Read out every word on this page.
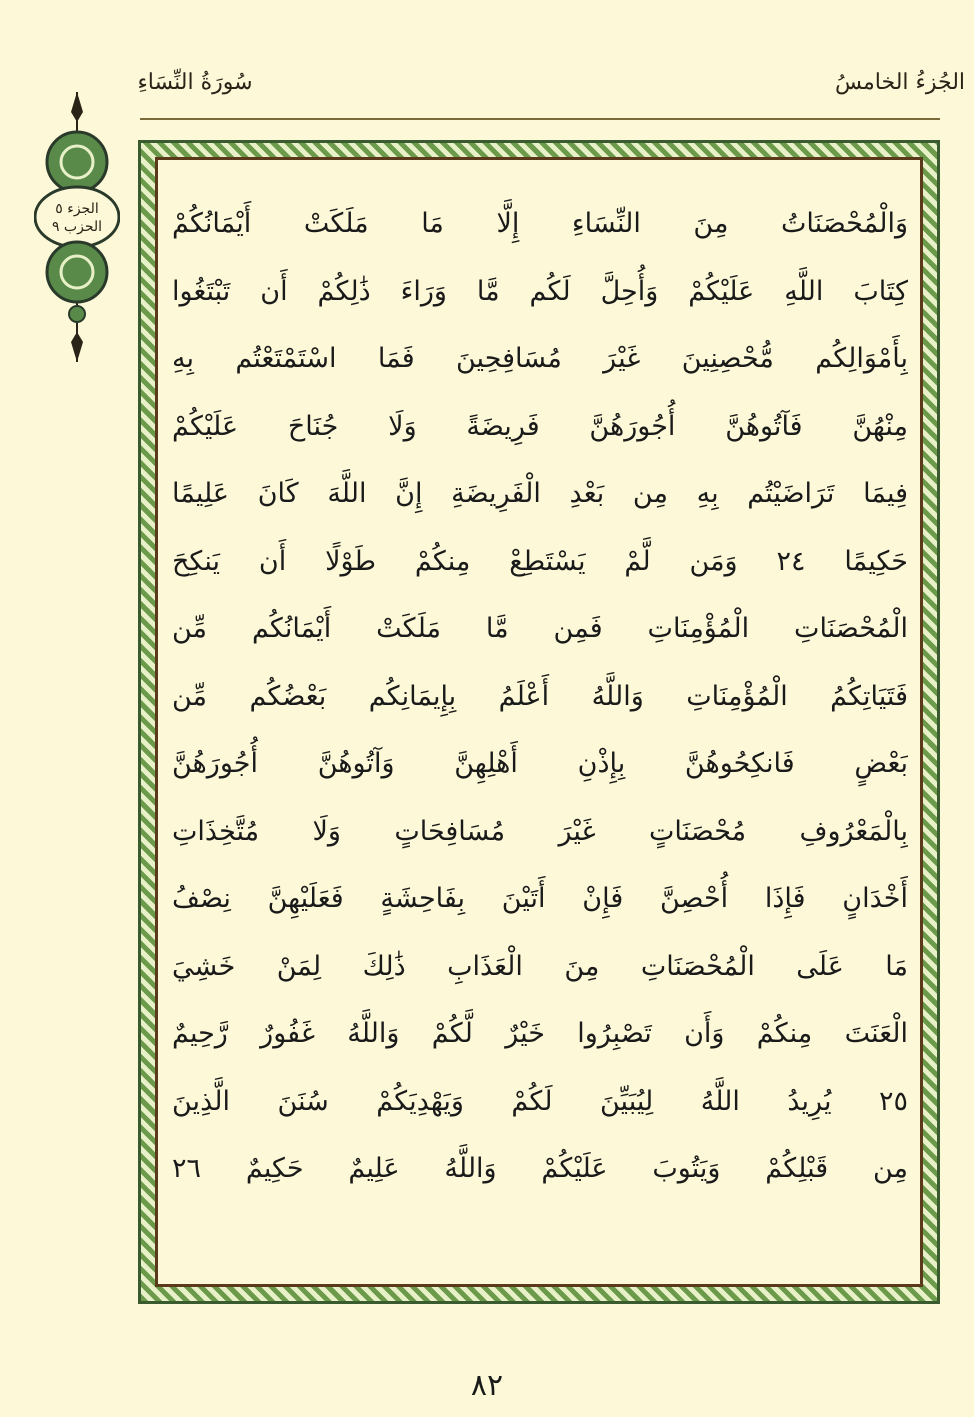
الجُزءُ الخامسُ
سُورَةُ النِّسَاءِ
الجزء ٥
الحزب ٩	وَالْمُحْصَنَاتُ مِنَ النِّسَاءِ إِلَّا مَا مَلَكَتْ أَيْمَانُكُمْ
كِتَابَ اللَّهِ عَلَيْكُمْ وَأُحِلَّ لَكُم مَّا وَرَاءَ ذَٰلِكُمْ أَن تَبْتَغُوا
بِأَمْوَالِكُم مُّحْصِنِينَ غَيْرَ مُسَافِحِينَ فَمَا اسْتَمْتَعْتُم بِهِ
مِنْهُنَّ فَآتُوهُنَّ أُجُورَهُنَّ فَرِيضَةً وَلَا جُنَاحَ عَلَيْكُمْ
فِيمَا تَرَاضَيْتُم بِهِ مِن بَعْدِ الْفَرِيضَةِ إِنَّ اللَّهَ كَانَ عَلِيمًا
حَكِيمًا ٢٤ وَمَن لَّمْ يَسْتَطِعْ مِنكُمْ طَوْلًا أَن يَنكِحَ
الْمُحْصَنَاتِ الْمُؤْمِنَاتِ فَمِن مَّا مَلَكَتْ أَيْمَانُكُم مِّن
فَتَيَاتِكُمُ الْمُؤْمِنَاتِ وَاللَّهُ أَعْلَمُ بِإِيمَانِكُم بَعْضُكُم مِّن
بَعْضٍ فَانكِحُوهُنَّ بِإِذْنِ أَهْلِهِنَّ وَآتُوهُنَّ أُجُورَهُنَّ
بِالْمَعْرُوفِ مُحْصَنَاتٍ غَيْرَ مُسَافِحَاتٍ وَلَا مُتَّخِذَاتِ
أَخْدَانٍ فَإِذَا أُحْصِنَّ فَإِنْ أَتَيْنَ بِفَاحِشَةٍ فَعَلَيْهِنَّ نِصْفُ
مَا عَلَى الْمُحْصَنَاتِ مِنَ الْعَذَابِ ذَٰلِكَ لِمَنْ خَشِيَ
الْعَنَتَ مِنكُمْ وَأَن تَصْبِرُوا خَيْرٌ لَّكُمْ وَاللَّهُ غَفُورٌ رَّحِيمٌ
٢٥ يُرِيدُ اللَّهُ لِيُبَيِّنَ لَكُمْ وَيَهْدِيَكُمْ سُنَنَ الَّذِينَ
مِن قَبْلِكُمْ وَيَتُوبَ عَلَيْكُمْ وَاللَّهُ عَلِيمٌ حَكِيمٌ ٢٦
٨٢
